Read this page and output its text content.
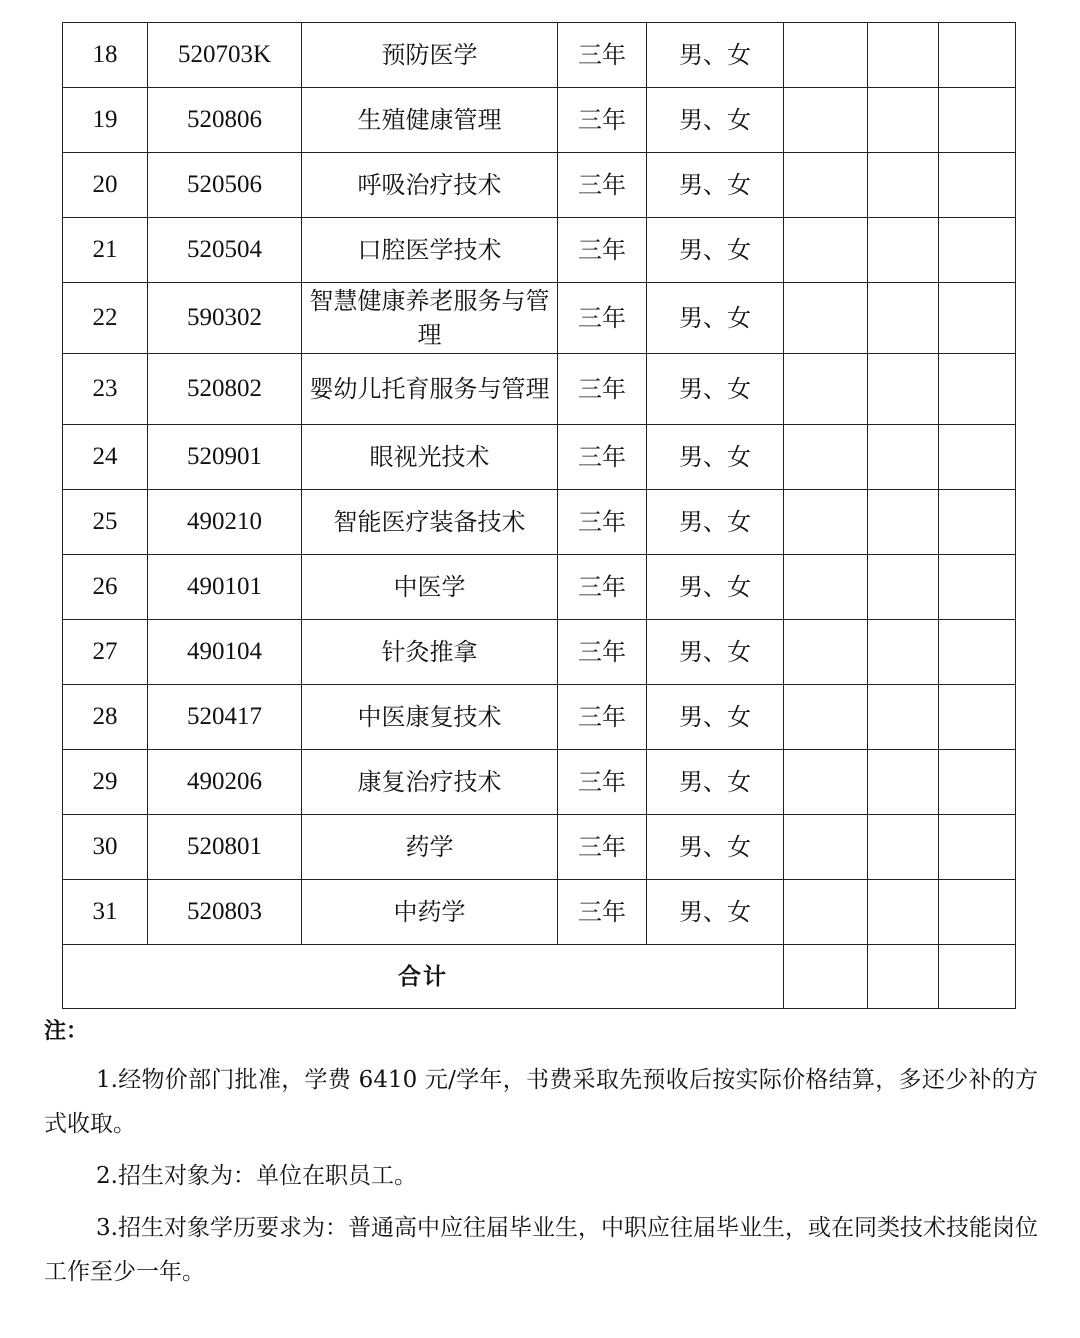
18	520703K	预防医学	三年	男、女			
19	520806	生殖健康管理	三年	男、女			
20	520506	呼吸治疗技术	三年	男、女			
21	520504	口腔医学技术	三年	男、女			
22	590302	智慧健康养老服务与管理	三年	男、女			
23	520802	婴幼儿托育服务与管理	三年	男、女			
24	520901	眼视光技术	三年	男、女			
25	490210	智能医疗装备技术	三年	男、女			
26	490101	中医学	三年	男、女			
27	490104	针灸推拿	三年	男、女			
28	520417	中医康复技术	三年	男、女			
29	490206	康复治疗技术	三年	男、女			
30	520801	药学	三年	男、女			
31	520803	中药学	三年	男、女			
合计							
注：

1.经物价部门批准，学费 6410 元/学年，书费采取先预收后按实际价格结算，多还少补的方式收取。

2.招生对象为：单位在职员工。

3.招生对象学历要求为：普通高中应往届毕业生，中职应往届毕业生，或在同类技术技能岗位工作至少一年。
